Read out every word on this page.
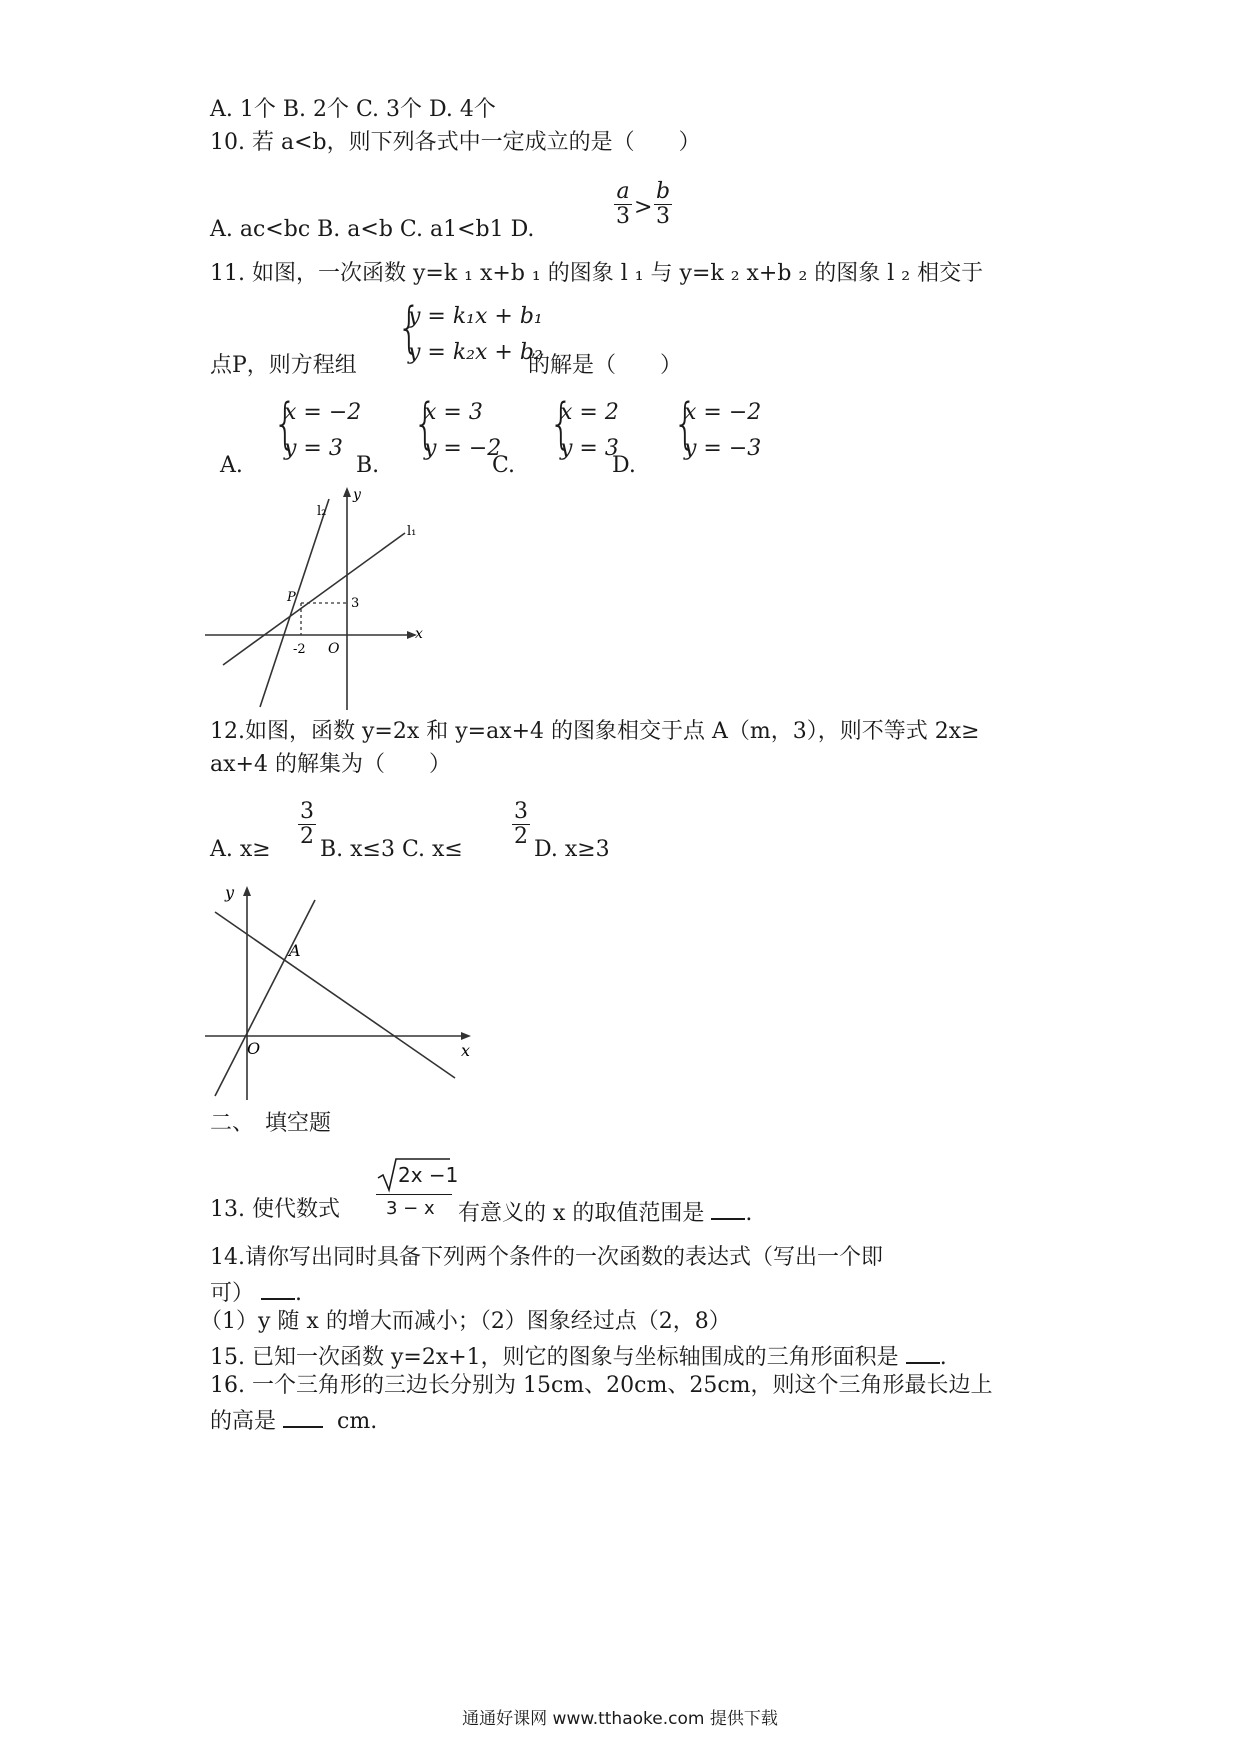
A. 1个 B. 2个 C. 3个 D. 4个
10. 若 a<b，则下列各式中一定成立的是（　　）
A. ac<bc B. a<b C. a1<b1 D.
a
3 >
b
3
11. 如图，一次函数 y=k ₁ x+b ₁ 的图象 l ₁ 与 y=k ₂ x+b ₂ 的图象 l ₂ 相交于
点P，则方程组
{
y = k₁x + b₁
y = k₂x + b₂
的解是（　　）
A.
{
x = −2
y = 3
B.
{
x = 3
y = −2
C.
{
x = 2
y = 3
D.
{
x = −2
y = −3
y
x
l₁
l₂
P	3
-2 O
12.如图，函数 y=2x 和 y=ax+4 的图象相交于点 A（m，3），则不等式 2x≥
ax+4 的解集为（　　）
A. x≥
3
2
B. x≤3 C. x≤
3
2
D. x≥3
y
x
A
O
二、　填空题
13. 使代数式
2x −1
3 − x 有意义的 x 的取值范围是 .
14.请你写出同时具备下列两个条件的一次函数的表达式（写出一个即
可） .
（1）y 随 x 的增大而减小；（2）图象经过点（2，8）
15. 已知一次函数 y=2x+1，则它的图象与坐标轴围成的三角形面积是 .
16. 一个三角形的三边长分别为 15cm、20cm、25cm，则这个三角形最长边上
的高是	cm.
通通好课网 www.tthaoke.com 提供下载
